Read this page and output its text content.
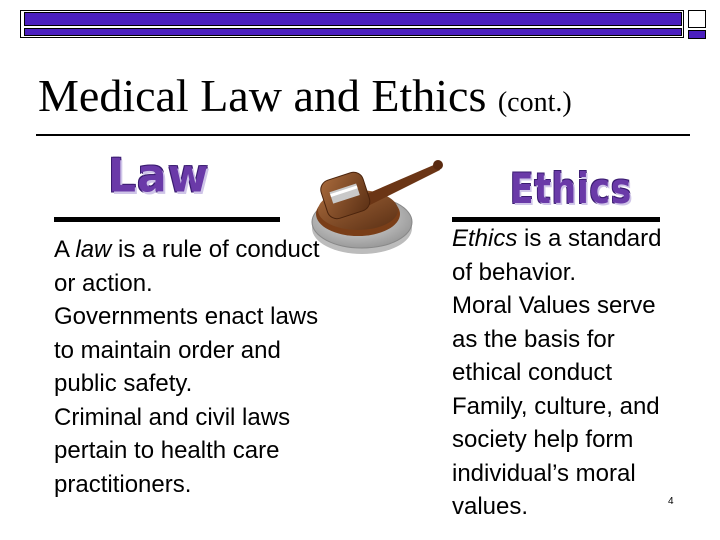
Medical Law and Ethics (cont.)
Law	Ethics
A law is a rule of conduct or action.
Governments enact laws to maintain order and public safety.
Criminal and civil laws pertain to health care practitioners.
Ethics is a standard of behavior.
Moral Values serve as the basis for ethical conduct
Family, culture, and society help form individual’s moral values.	4
